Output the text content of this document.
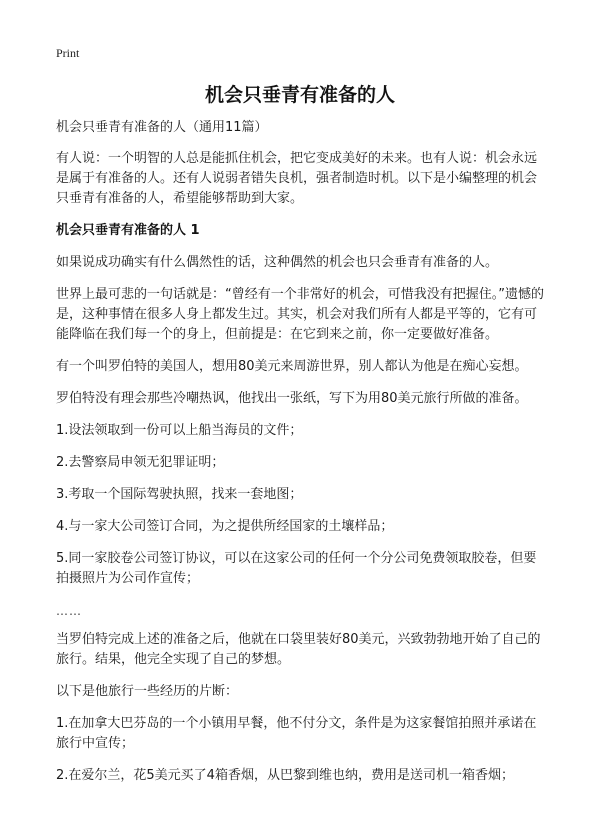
Print
机会只垂青有准备的人

机会只垂青有准备的人（通用11篇）

有人说：一个明智的人总是能抓住机会，把它变成美好的未来。也有人说：机会永远是属于有准备的人。还有人说弱者错失良机，强者制造时机。以下是小编整理的机会只垂青有准备的人，希望能够帮助到大家。

机会只垂青有准备的人 1

如果说成功确实有什么偶然性的话，这种偶然的机会也只会垂青有准备的人。

世界上最可悲的一句话就是：“曾经有一个非常好的机会，可惜我没有把握住。”遗憾的是，这种事情在很多人身上都发生过。其实，机会对我们所有人都是平等的，它有可能降临在我们每一个的身上，但前提是：在它到来之前，你一定要做好准备。

有一个叫罗伯特的美国人，想用80美元来周游世界，别人都认为他是在痴心妄想。

罗伯特没有理会那些冷嘲热讽，他找出一张纸，写下为用80美元旅行所做的准备。

1.设法领取到一份可以上船当海员的文件；

2.去警察局申领无犯罪证明；

3.考取一个国际驾驶执照，找来一套地图；

4.与一家大公司签订合同，为之提供所经国家的土壤样品；

5.同一家胶卷公司签订协议，可以在这家公司的任何一个分公司免费领取胶卷，但要拍摄照片为公司作宣传；

……

当罗伯特完成上述的准备之后，他就在口袋里装好80美元，兴致勃勃地开始了自己的旅行。结果，他完全实现了自己的梦想。

以下是他旅行一些经历的片断：

1.在加拿大巴芬岛的一个小镇用早餐，他不付分文，条件是为这家餐馆拍照并承诺在旅行中宣传；

2.在爱尔兰，花5美元买了4箱香烟，从巴黎到维也纳，费用是送司机一箱香烟；
